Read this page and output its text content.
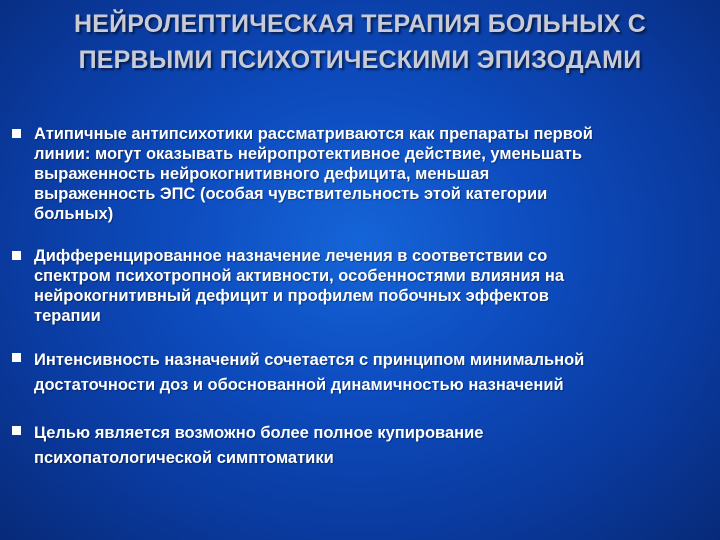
НЕЙРОЛЕПТИЧЕСКАЯ ТЕРАПИЯ БОЛЬНЫХ С
ПЕРВЫМИ ПСИХОТИЧЕСКИМИ ЭПИЗОДАМИ
Атипичные антипсихотики рассматриваются как препараты первой
линии: могут оказывать нейропротективное действие, уменьшать
выраженность нейрокогнитивного дефицита, меньшая
выраженность ЭПС (особая чувствительность этой категории
больных)
Дифференцированное назначение лечения в соответствии со
спектром психотропной активности, особенностями влияния на
нейрокогнитивный дефицит и профилем побочных эффектов
терапии
Интенсивность назначений сочетается с принципом минимальной
достаточности доз и обоснованной динамичностью назначений
Целью является возможно более полное купирование
психопатологической симптоматики
